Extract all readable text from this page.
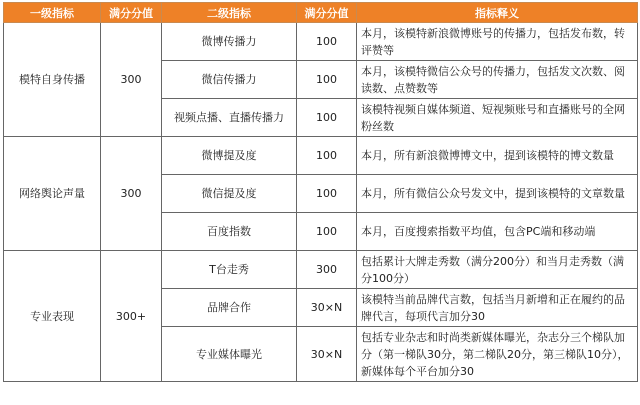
一级指标	满分分值	二级指标	满分分值	指标释义
模特自身传播	300	微博传播力	100	本月，该模特新浪微博账号的传播力，包括发布数，转评赞等
		微信传播力	100	本月，该模特微信公众号的传播力，包括发文次数、阅读数、点赞数等
		视频点播、直播传播力	100	该模特视频自媒体频道、短视频账号和直播账号的全网粉丝数
网络舆论声量	300	微博提及度	100	本月，所有新浪微博博文中，提到该模特的博文数量
		微信提及度	100	本月，所有微信公众号发文中，提到该模特的文章数量
		百度指数	100	本月，百度搜索指数平均值，包含PC端和移动端
专业表现	300+	T台走秀	300	包括累计大牌走秀数（满分200分）和当月走秀数（满分100分）
		品牌合作	30×N	该模特当前品牌代言数，包括当月新增和正在履约的品牌代言，每项代言加分30
		专业媒体曝光	30×N	包括专业杂志和时尚类新媒体曝光，杂志分三个梯队加分（第一梯队30分，第二梯队20分，第三梯队10分），新媒体每个平台加分30
